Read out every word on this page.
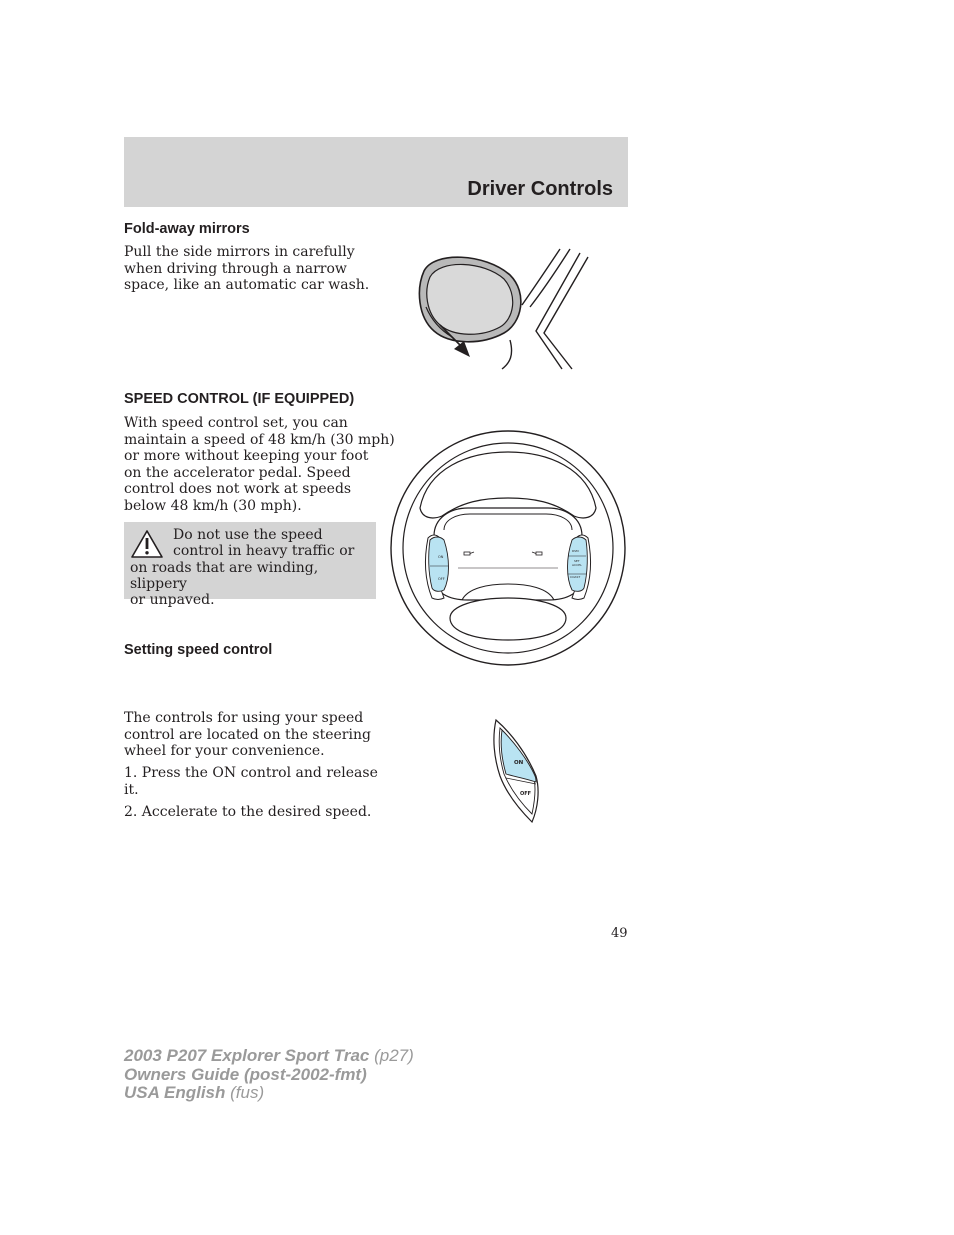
Driver Controls
Fold-away mirrors
Pull the side mirrors in carefully
when driving through a narrow
space, like an automatic car wash.
SPEED CONTROL (IF EQUIPPED)
With speed control set, you can
maintain a speed of 48 km/h (30 mph)
or more without keeping your foot
on the accelerator pedal. Speed
control does not work at speeds
below 48 km/h (30 mph).
Do not use the speed
control in heavy traffic or
on roads that are winding, slippery
or unpaved.
ON
OFF
RSM
SET
ACCEL
COAST
Setting speed control
The controls for using your speed
control are located on the steering
wheel for your convenience.
1. Press the ON control and release
it.
2. Accelerate to the desired speed.
ON
OFF
49
2003 P207 Explorer Sport Trac (p27)
Owners Guide (post-2002-fmt)
USA English (fus)
